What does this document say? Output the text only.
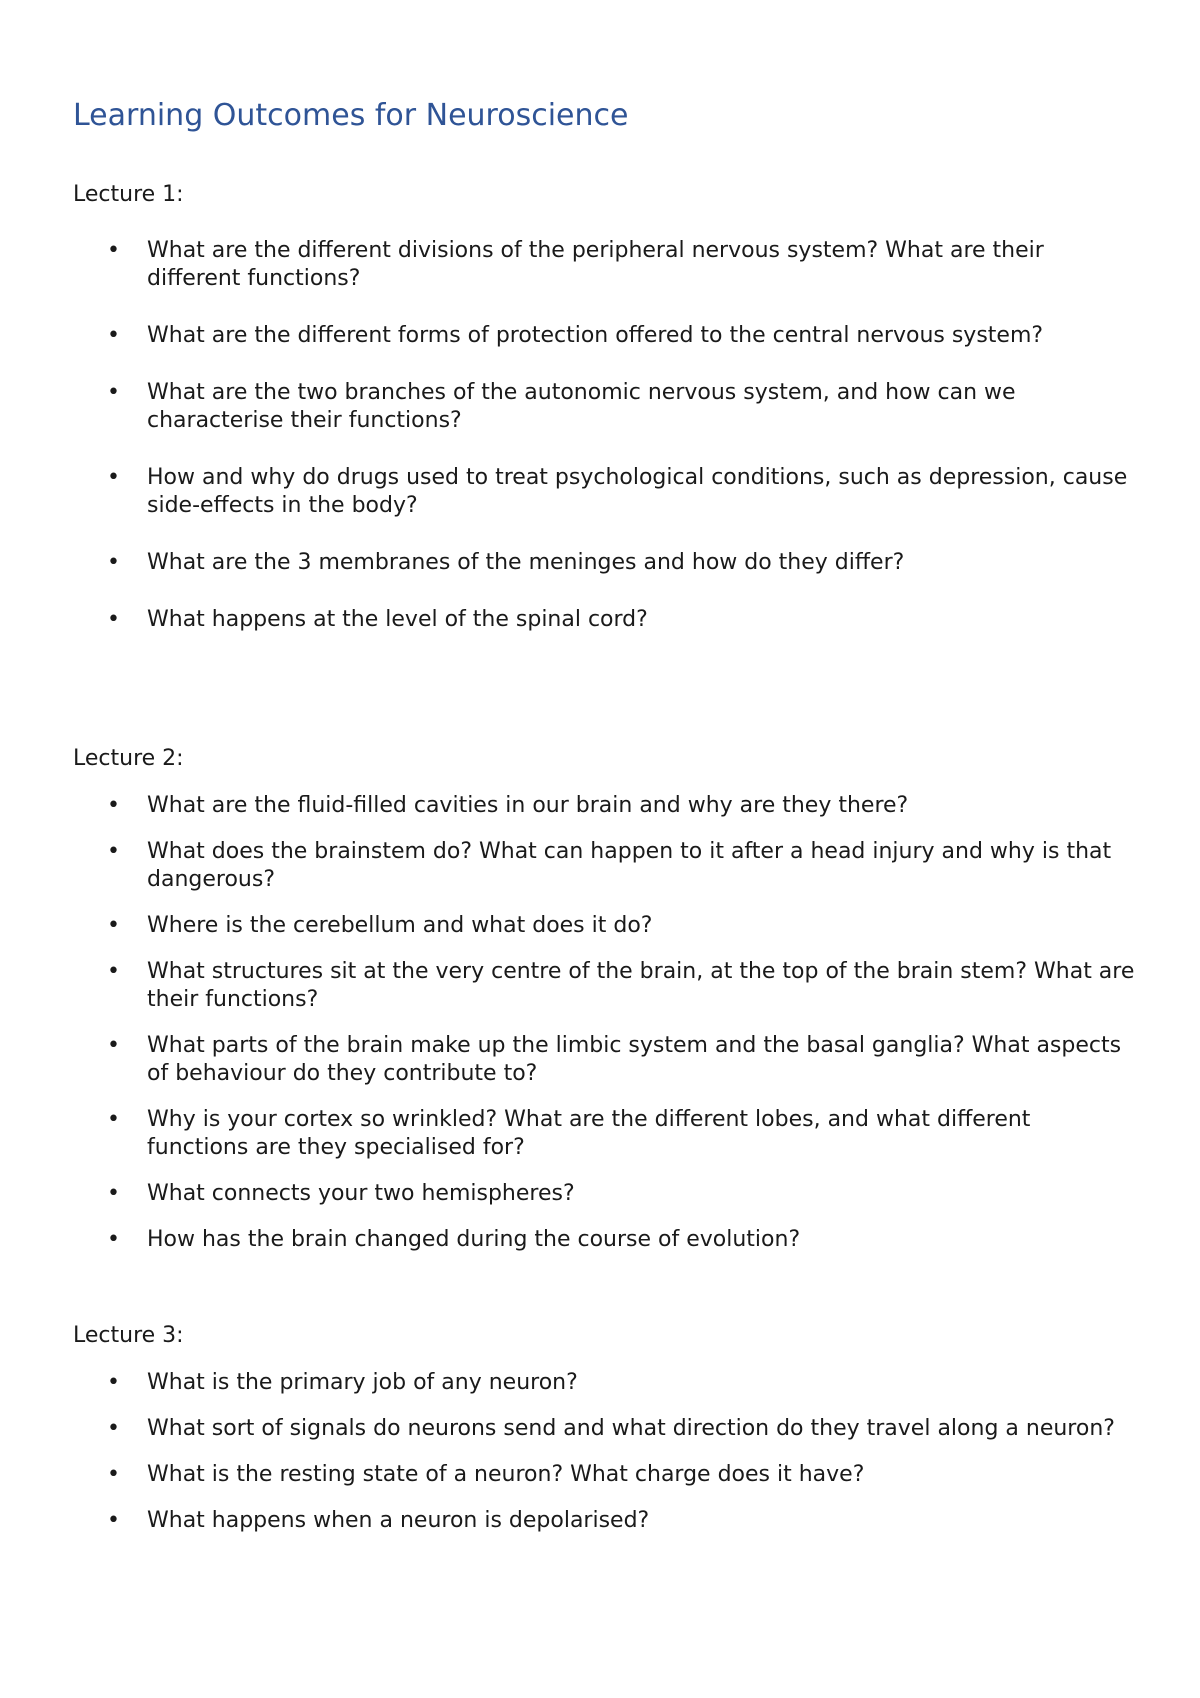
Learning Outcomes for Neuroscience

Lecture 1:

• What are the different divisions of the peripheral nervous system? What are their different functions?
• What are the different forms of protection offered to the central nervous system?
• What are the two branches of the autonomic nervous system, and how can we characterise their functions?
• How and why do drugs used to treat psychological conditions, such as depression, cause side-effects in the body?
• What are the 3 membranes of the meninges and how do they differ?
• What happens at the level of the spinal cord?

Lecture 2:

• What are the fluid-filled cavities in our brain and why are they there?
• What does the brainstem do? What can happen to it after a head injury and why is that dangerous?
• Where is the cerebellum and what does it do?
• What structures sit at the very centre of the brain, at the top of the brain stem? What are their functions?
• What parts of the brain make up the limbic system and the basal ganglia? What aspects of behaviour do they contribute to?
• Why is your cortex so wrinkled? What are the different lobes, and what different functions are they specialised for?
• What connects your two hemispheres?
• How has the brain changed during the course of evolution?

Lecture 3:

• What is the primary job of any neuron?
• What sort of signals do neurons send and what direction do they travel along a neuron?
• What is the resting state of a neuron? What charge does it have?
• What happens when a neuron is depolarised?
